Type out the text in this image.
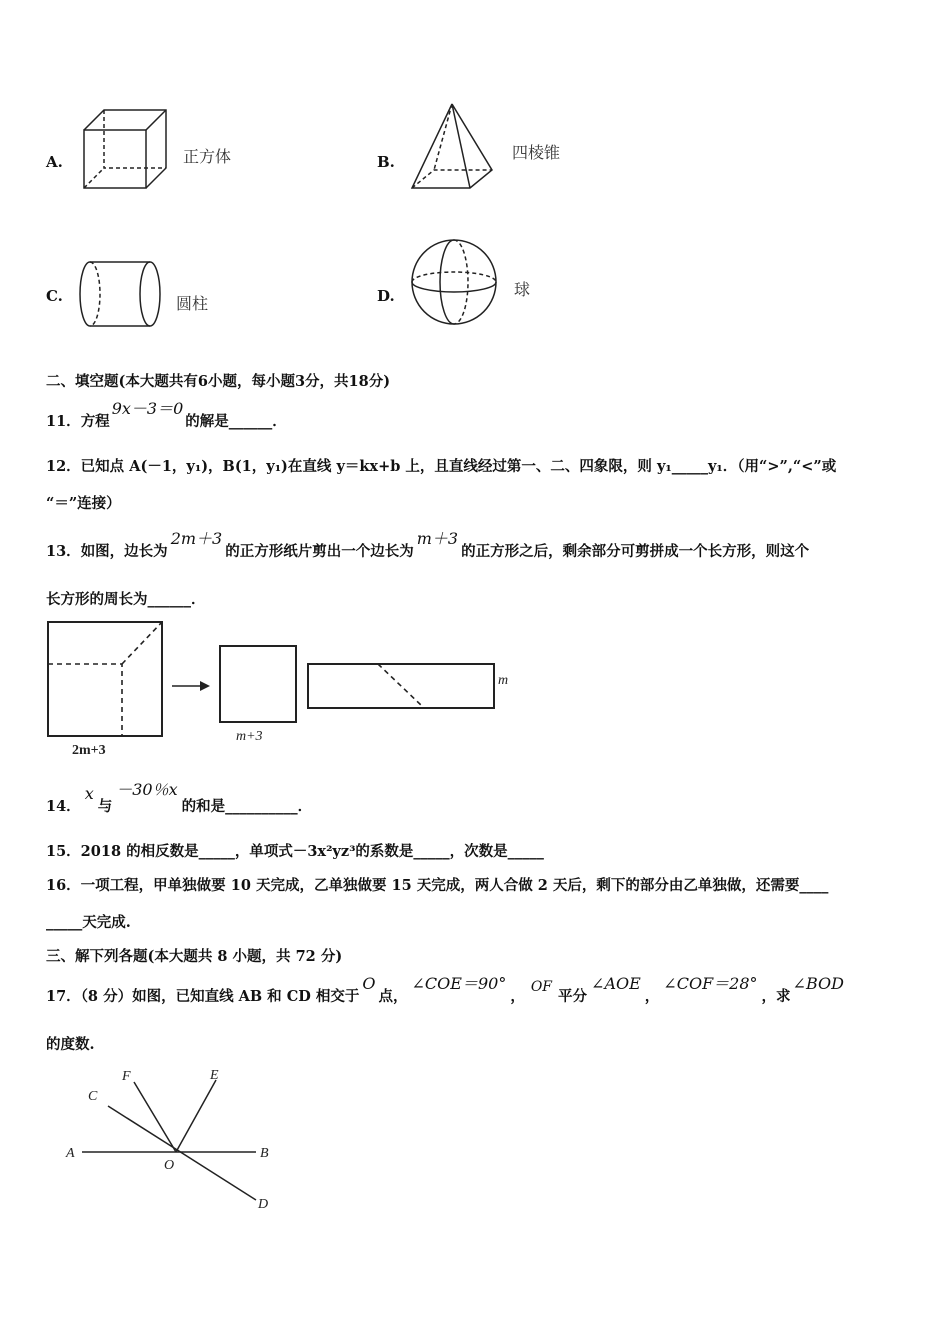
A.	正方体	B.	四棱锥
C.	圆柱	D.	球
二、填空题(本大题共有6小题，每小题3分，共18分)
11．方程9x－3＝0的解是______．
12．已知点 A(－1，y₁)，B(1，y₁)在直线 y＝kx+b 上，且直线经过第一、二、四象限，则 y₁_____y₁．（用“>”,“<”或
“＝”连接）
13．如图，边长为2m＋3的正方形纸片剪出一个边长为m＋3的正方形之后，剩余部分可剪拼成一个长方形，则这个
长方形的周长为______．
2m+3
m+3
m
14．x与－30％x的和是__________．
15．2018 的相反数是_____，单项式－3x²yz³的系数是_____，次数是_____
16．一项工程，甲单独做要 10 天完成，乙单独做要 15 天完成，两人合做 2 天后，剩下的部分由乙单独做，还需要____
_____天完成.
三、解下列各题(本大题共 8 小题，共 72 分)
17．（8 分）如图，已知直线 AB 和 CD 相交于O点，∠COE＝90°，OF平分∠AOE，∠COF＝28°，求∠BOD
的度数.
F	E
C
A
O
B
D
